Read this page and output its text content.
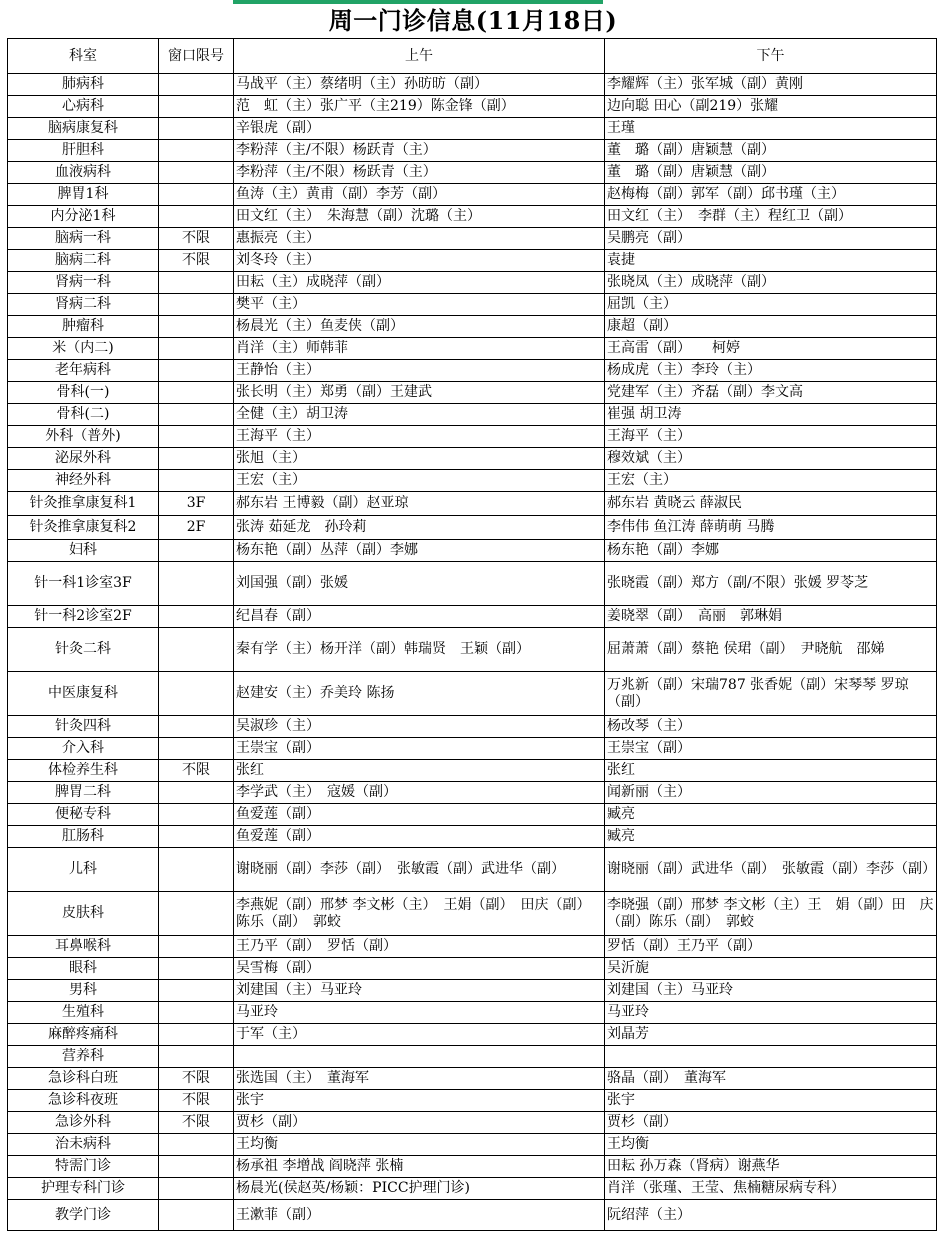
周一门诊信息(11月18日)
科室	窗口限号	上午	下午
肺病科		马战平（主）蔡绪明（主）孙昉昉（副）	李耀辉（主）张军城（副）黄刚
心病科		范　虹（主）张广平（主219）陈金锋（副）	边向聪 田心（副219）张耀
脑病康复科		辛银虎（副）	王瑾
肝胆科		李粉萍（主/不限）杨跃青（主）	董　璐（副）唐颖慧（副）
血液病科		李粉萍（主/不限）杨跃青（主）	董　璐（副）唐颖慧（副）
脾胃1科		鱼涛（主）黄甫（副）李芳（副）	赵梅梅（副）郭军（副）邱书瑾（主）
内分泌1科		田文红（主）　朱海慧（副）沈璐（主）	田文红（主）　李群（主）程红卫（副）
脑病一科	不限	惠振亮（主）	吴鹏亮（副）
脑病二科	不限	刘冬玲（主）	袁捷
肾病一科		田耘（主）成晓萍（副）	张晓凤（主）成晓萍（副）
肾病二科		樊平（主）	屈凯（主）
肿瘤科		杨晨光（主）鱼麦侠（副）	康超（副）
米（内二)		肖洋（主）师韩菲	王高雷（副）　　柯婷
老年病科		王静怡（主）	杨成虎（主）李玲（主）
骨科(一)		张长明（主）郑勇（副）王建武	党建军（主）齐磊（副）李文高
骨科(二)		全健（主）胡卫涛	崔强 胡卫涛
外科（普外)		王海平（主）	王海平（主）
泌尿外科		张旭（主）	穆效斌（主）
神经外科		王宏（主）	王宏（主）
针灸推拿康复科1	3F	郝东岩 王博毅（副）赵亚琼	郝东岩 黄晓云 薛淑民
针灸推拿康复科2	2F	张涛 茹延龙　孙玲莉	李伟伟 鱼江涛 薛萌萌 马腾
妇科		杨东艳（副）丛萍（副）李娜	杨东艳（副）李娜
针一科1诊室3F		刘国强（副）张媛	张晓霞（副）郑方（副/不限）张媛 罗苓芝
针一科2诊室2F		纪昌春（副）	姜晓翠（副）　高丽　郭琳娟
针灸二科		秦有学（主）杨开洋（副）韩瑞贤　王颖（副）	屈萧萧（副）蔡艳 侯珺（副）　尹晓航　邵娣
中医康复科		赵建安（主）乔美玲 陈扬	万兆新（副）宋瑞787 张香妮（副）宋琴琴 罗琼（副）
针灸四科		吴淑珍（主）	杨改琴（主）
介入科		王崇宝（副）	王崇宝（副）
体检养生科	不限	张红	张红
脾胃二科		李学武（主）　寇媛（副）	闻新丽（主）
便秘专科		鱼爱莲（副）	臧亮
肛肠科		鱼爱莲（副）	臧亮
儿科		谢晓丽（副）李莎（副）　张敏霞（副）武进华（副）	谢晓丽（副）武进华（副）　张敏霞（副）李莎（副）
皮肤科		李燕妮（副）邢梦 李文彬（主）　王娟（副）　田庆（副）　陈乐（副）　郭蛟	李晓强（副）邢梦 李文彬（主）王　娟（副）田　庆（副）陈乐（副）　郭蛟
耳鼻喉科		王乃平（副）　罗恬（副）	罗恬（副）王乃平（副）
眼科		吴雪梅（副）	吴沂旎
男科		刘建国（主）马亚玲	刘建国（主）马亚玲
生殖科		马亚玲	马亚玲
麻醉疼痛科		于军（主）	刘晶芳
营养科			
急诊科白班	不限	张选国（主）　董海军	骆晶（副）　董海军
急诊科夜班	不限	张宇	张宇
急诊外科	不限	贾杉（副）	贾杉（副）
治未病科		王均衡	王均衡
特需门诊		杨承祖 李增战 阎晓萍 张楠	田耘 孙万森（肾病）谢燕华
护理专科门诊		杨晨光(侯赵英/杨颖：PICC护理门诊)	肖洋（张瑾、王莹、焦楠糖尿病专科）
教学门诊		王漱菲（副）	阮绍萍（主）
